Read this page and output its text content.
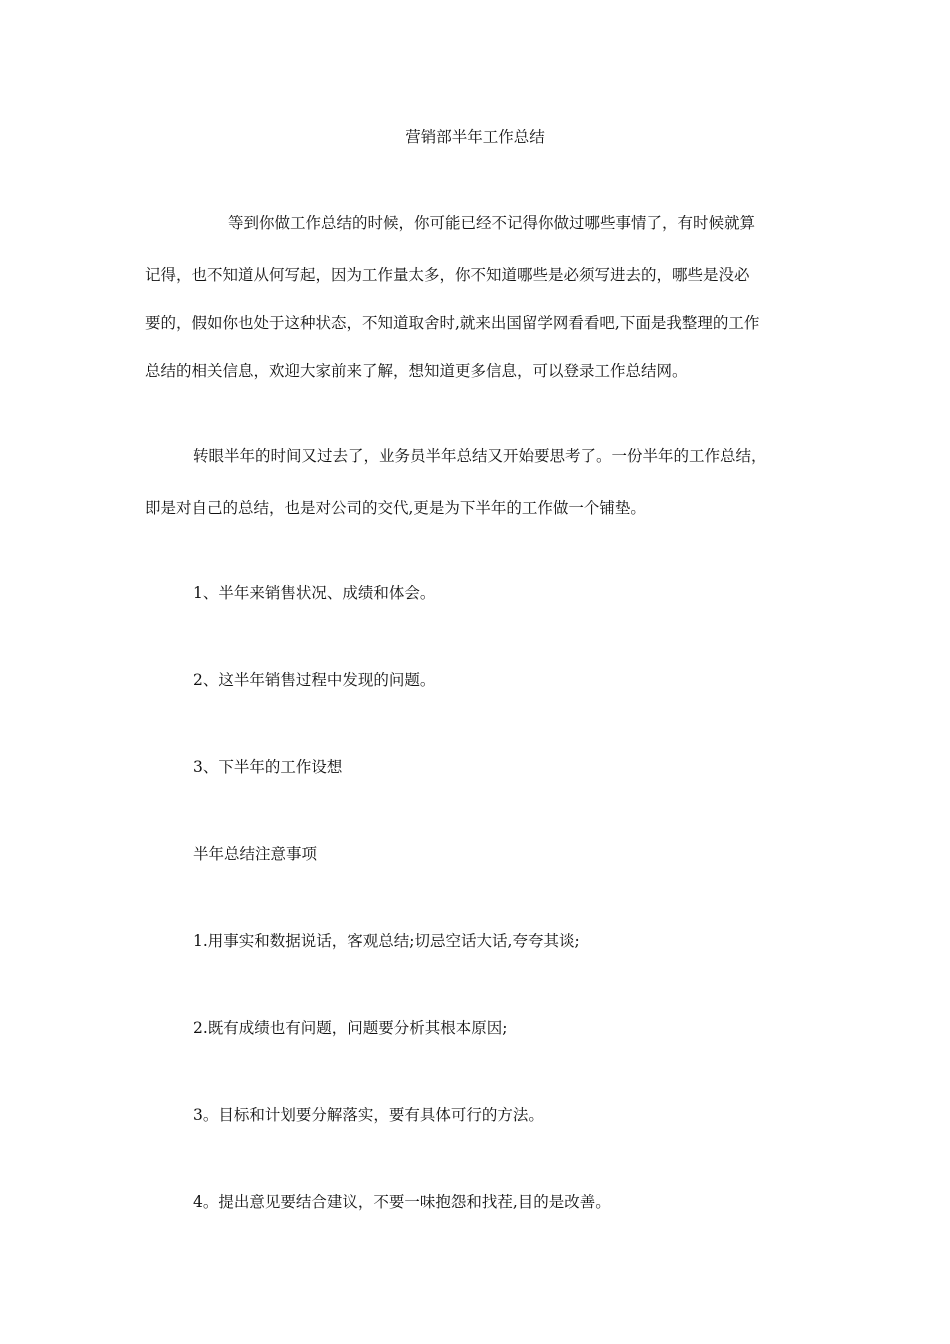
营销部半年工作总结
等到你做工作总结的时候，你可能已经不记得你做过哪些事情了，有时候就算
记得，也不知道从何写起，因为工作量太多，你不知道哪些是必须写进去的，哪些是没必
要的，假如你也处于这种状态，不知道取舍时,就来出国留学网看看吧,下面是我整理的工作
总结的相关信息，欢迎大家前来了解，想知道更多信息，可以登录工作总结网。
转眼半年的时间又过去了，业务员半年总结又开始要思考了。一份半年的工作总结，
即是对自己的总结，也是对公司的交代,更是为下半年的工作做一个铺垫。
1、半年来销售状况、成绩和体会。
2、这半年销售过程中发现的问题。
3、下半年的工作设想
半年总结注意事项
1.用事实和数据说话，客观总结;切忌空话大话,夸夸其谈;
2.既有成绩也有问题，问题要分析其根本原因;
3。目标和计划要分解落实，要有具体可行的方法。
4。提出意见要结合建议，不要一味抱怨和找茬,目的是改善。
